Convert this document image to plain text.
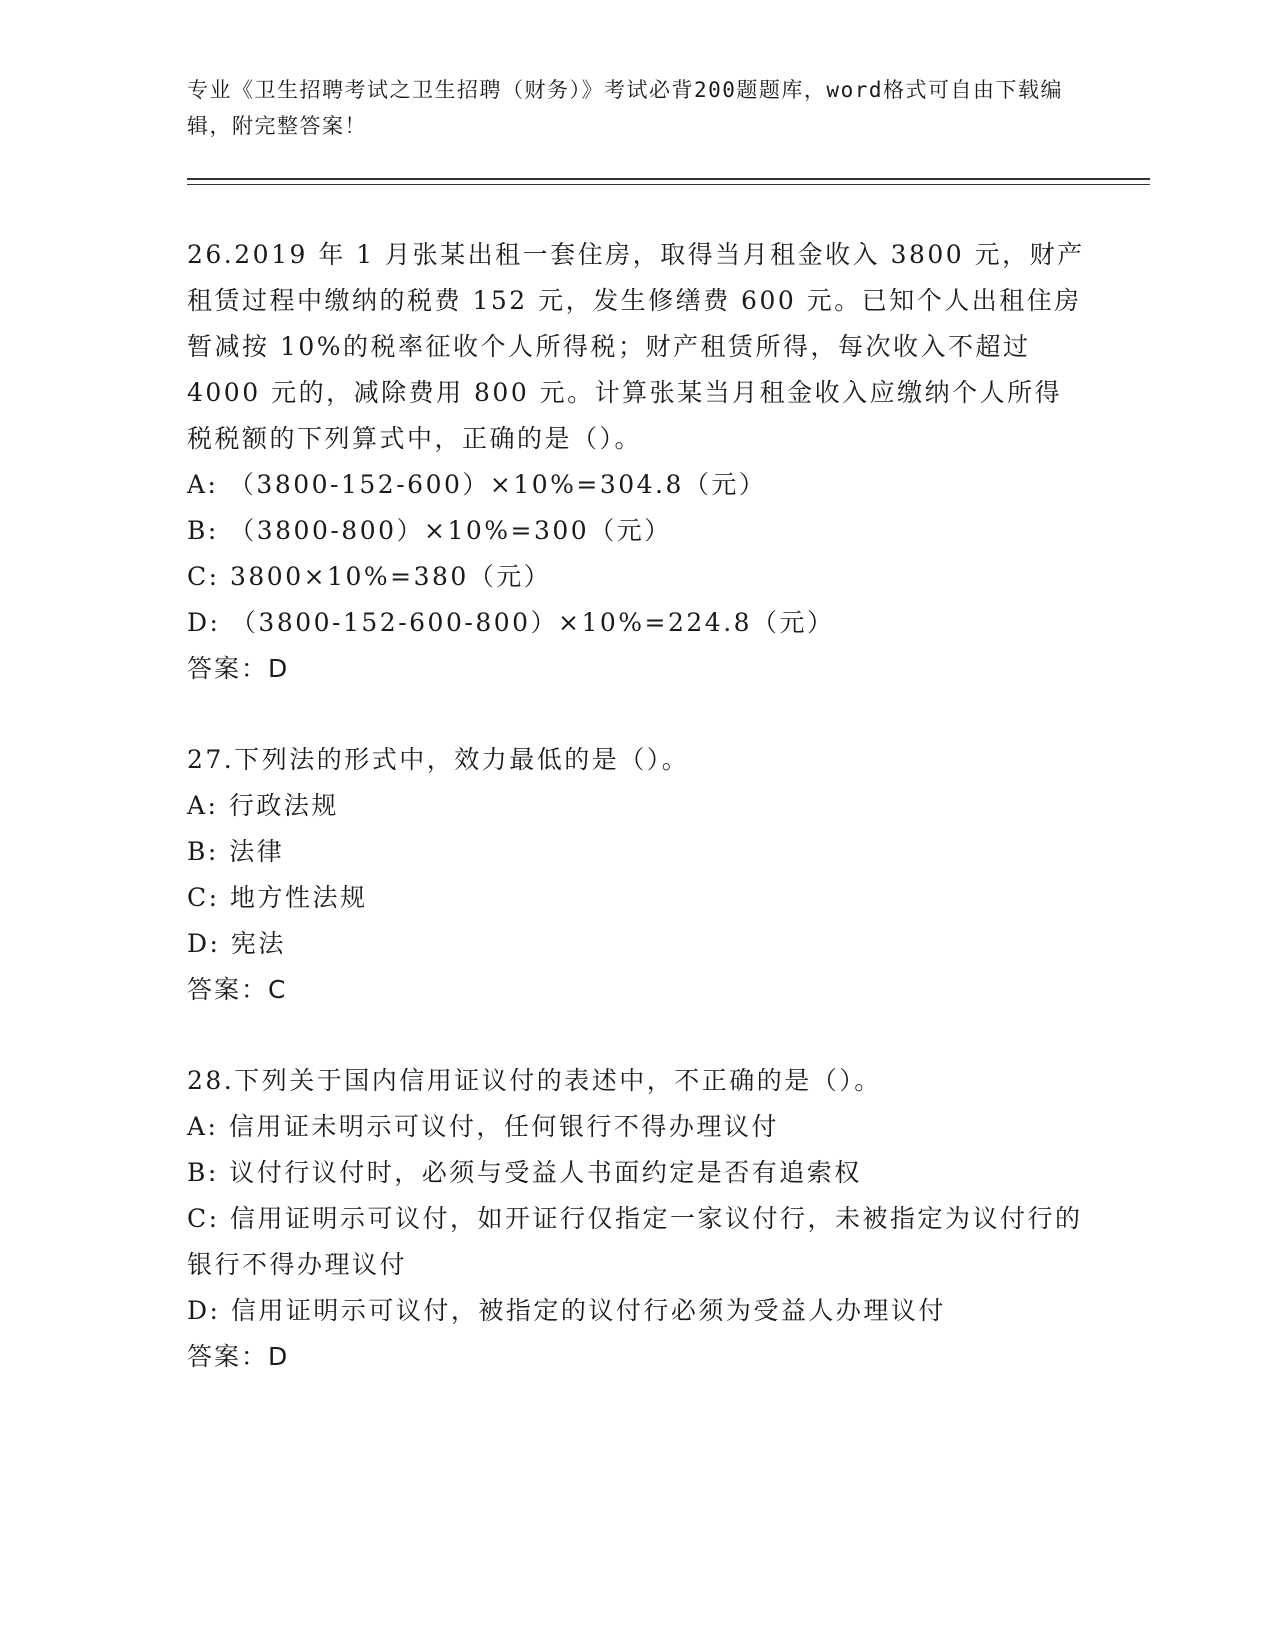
专业《卫生招聘考试之卫生招聘（财务）》考试必背200题题库，word格式可自由下载编辑，附完整答案！

26.2019 年 1 月张某出租一套住房，取得当月租金收入 3800 元，财产租赁过程中缴纳的税费 152 元，发生修缮费 600 元。已知个人出租住房暂减按 10%的税率征收个人所得税；财产租赁所得，每次收入不超过 4000 元的，减除费用 800 元。计算张某当月租金收入应缴纳个人所得税税额的下列算式中，正确的是（）。

A: （3800-152-600）×10%=304.8（元）

B: （3800-800）×10%=300（元）

C: 3800×10%=380（元）

D: （3800-152-600-800）×10%=224.8（元）

答案：D

27.下列法的形式中，效力最低的是（）。

A: 行政法规

B: 法律

C: 地方性法规

D: 宪法

答案：C

28.下列关于国内信用证议付的表述中，不正确的是（）。

A: 信用证未明示可议付，任何银行不得办理议付

B: 议付行议付时，必须与受益人书面约定是否有追索权

C: 信用证明示可议付，如开证行仅指定一家议付行，未被指定为议付行的银行不得办理议付

D: 信用证明示可议付，被指定的议付行必须为受益人办理议付

答案：D
